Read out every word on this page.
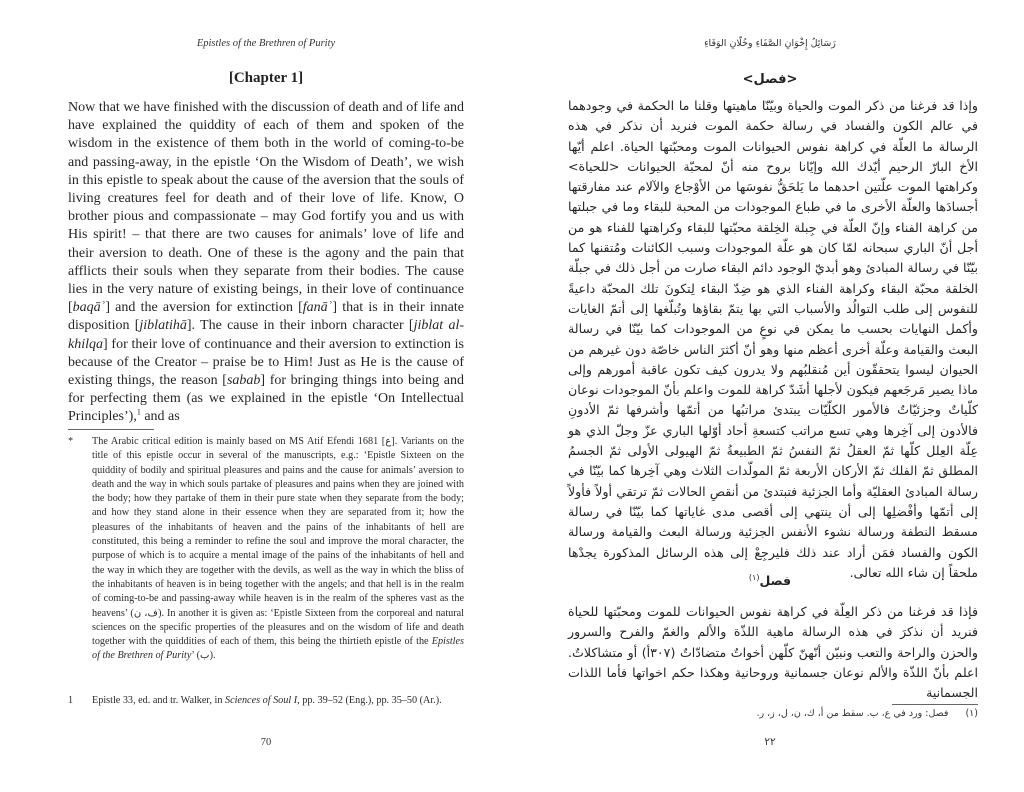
Epistles of the Brethren of Purity
[Chapter 1]

Now that we have finished with the discussion of death and of life and have explained the quiddity of each of them and spoken of the wisdom in the existence of them both in the world of coming-to-be and passing-away, in the epistle ‘On the Wisdom of Death’, we wish in this epistle to speak about the cause of the aversion that the souls of living creatures feel for death and of their love of life. Know, O brother pious and compassionate – may God fortify you and us with His spirit! – that there are two causes for animals’ love of life and their aversion to death. One of these is the agony and the pain that afflicts their souls when they separate from their bodies. The cause lies in the very nature of existing beings, in their love of continuance [baqāʾ] and the aversion for extinction [fanāʾ] that is in their innate disposition [jiblatihā]. The cause in their inborn character [jiblat al-khilqa] for their love of continuance and their aversion to extinction is because of the Creator – praise be to Him! Just as He is the cause of existing things, the reason [sabab] for bringing things into being and for perfecting them (as we explained in the epistle ‘On Intellectual Principles’),$^1$ and as

* The Arabic critical edition is mainly based on MS Atif Efendi 1681 [ع]. Variants on the title of this epistle occur in several of the manuscripts, e.g.: ‘Epistle Sixteen on the quiddity of bodily and spiritual pleasures and pains and the cause for animals’ aversion to death and the way in which souls partake of pleasures and pains when they are joined with the body; how they partake of them in their pure state when they separate from the body; and how they stand alone in their essence when they are separated from it; how the pleasures of the inhabitants of heaven and the pains of the inhabitants of hell are constituted, this being a reminder to refine the soul and improve the moral character, the purpose of which is to acquire a mental image of the pains of the inhabitants of hell and the way in which they are together with the devils, as well as the way in which the bliss of the inhabitants of heaven is in being together with the angels; and that hell is in the realm of coming-to-be and passing-away while heaven is in the realm of the spheres vast as the heavens’ (ف، ن). In another it is given as: ‘Epistle Sixteen from the corporeal and natural sciences on the specific properties of the pleasures and on the wisdom of life and death together with the quiddities of each of them, this being the thirtieth epistle of the Epistles of the Brethren of Purity’ (ب).
1 Epistle 33, ed. and tr. Walker, in Sciences of Soul I, pp. 39–52 (Eng.), pp. 35–50 (Ar.).
70
رَسَائِلُ إِخْوَانِ الصَّفَاءِ وخُلّانِ الوَفَاءِ
<فصل>

وإذا قد فرغنا من ذكر الموت والحياة وبيّنّا ماهيتها وقلنا ما الحكمة في وجودهما في عالم الكون والفساد في رسالة حكمة الموت فنريد أن نذكر في هذه الرسالة ما العلّة في كراهة نفوس الحيوانات الموت ومحبّتها الحياة. اعلم أيّها الأخ البارّ الرحيم أيّدك الله وإيّانا بروح منه أنّ لمحبّة الحيوانات <للحياة> وكراهتها الموت علّتين احدهما ما يَلحَقُّ نفوسَها من الأوْجاع والآلام عند مفارقتها أجسادَها والعلّة الأخرى ما في طباع الموجودات من المحبة للبقاء وما في جبلتها من كراهة الفناء وإنّ العلّة في جِبلة الخِلقة محبّتها للبقاء وكراهتها للفناء هو من أجل أنّ الباري سبحانه لمّا كان هو علّة الموجودات وسبب الكائنات ومُتقنها كما بيّنّا في رسالة المبادئ وهو أبديّ الوجود دائم البقاء صارت من أجل ذلك في جبلّة الخلقة محبّة البقاء وكراهة الفناء الذي هو ضِدّ البقاء لِتكونَ تلك المحبّة داعيةً للنفوس إلى طلب التوالُد والأسباب التي بها يتمّ بقاؤها وتُبلّغها إلى أتمّ الغايات وأكمل النهايات بحسب ما يمكن في نوعٍ من الموجودات كما بيّنّا في رسالة البعث والقيامة وعلّة أخرى أعظم منها وهو أنّ أكثرَ الناس خاصّة دون غيرهم من الحيوان ليسوا يتحققّون أين مُنقلبُهم ولا يدرون كيف تكون عاقبة أمورهم وإلى ماذا يصير مَرجَعهم فيكون لأجلها أشَدّ كراهة للموت واعلم بأنّ الموجودات نوعان كلّياتٌ وجزئيّاتٌ فالأمور الكلّيّات يبتدئ مراتبُها من أتمّها وأشرفها ثمّ الأدونِ فالأدون إلى آخِرها وهي تسع مراتب كتسعةِ أحاد أوّلها الباري عزّ وجلّ الذي هو عِلّة العِلل كلّها ثمّ العقلُ ثمّ النفسُ ثمّ الطبيعةُ ثمّ الهيولى الأولى ثمّ الجسمُ المطلق ثمّ الفلك ثمّ الأركان الأربعة ثمّ المولّدات الثلاث وهي آخِرها كما بيّنّا في رسالة المبادئ العقليّة وأما الجزئية فتبتدئ من أنقصِ الحالات ثمّ ترتقي أولاً فأولاً إلى أتمّها وأفْضلِها إلى أن ينتهي إلى أقصى مدى غاياتها كما بيّنّا في رسالة مسقط النطفة ورسالة نشوء الأنفس الجزئية ورسالة البعث والقيامة ورسالة الكون والفساد فمَن أراد عند ذلك فليرجِعْ إلى هذه الرسائل المذكورة يجدْها ملحقاً إن شاء الله تعالى.

فصل$^{(١)}$

فإذا قد فرغنا من ذكر العِلّة في كراهة نفوس الحيوانات للموت ومحبّتها للحياة فنريد أن نذكرَ في هذه الرسالة ماهية اللذّة والألم والغمّ والفرح والسرور والحزن والراحة والتعب ونبيّن أنّهنّ كلّهن أخواتٌ متضادّاتٌ (٣٠٧أ) أو متشاكلاتٌ. اعلم بأنّ اللذّة والألم نوعان جسمانية وروحانية وهكذا حكم اخواتها فأما اللذات الجسمانية

(١) فصل: ورد في ع، ب. سقط من أ، ك، ن، ل، ز، ر.
٢٢
